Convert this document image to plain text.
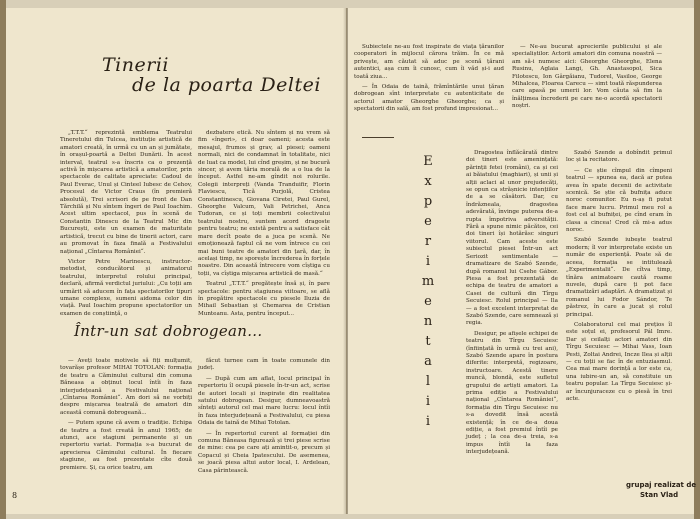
Tinerii
de la poarta Deltei

„T.T.T.“ reprezintă emblema Teatrului Tineretului din Tulcea, instituție artistică de amatori creată, în urmă cu un an și jumătate, în orașul-poartă a Deltei Dunării. În acest interval, teatrul s-a înscris ca o prezență activă în mișcarea artistică a amatorilor, prin spectacole de calitate apreciate: Cadoul de Paul Everac, Unul și Cinteel Iubesc de Cehov, Procesul de Victor Craus (în premieră absolută), Trei scrisori de pe front de Dan Tărchilă și Nu sîntem îngeri de Paul Ioachim. Acest ultim spectacol, pus în scenă de Constantin Dinescu de la Teatrul Mic din București, este un examen de maturitate artistică, trecut cu bine de tinerii actori, care au promovat în faza finală a Festivalului național „Cîntarea României“.

Victor Petre Marinescu, instructor-metodist, conducătorul și animatorul teatrului, interpretul rolului principal, declară, afirmă verdictul juriului: „Cu toții am urmărit să aducem în fața spectatorilor tipuri umane complexe, sumeni aidoma celor din viață. Paul Ioachim propune spectatorilor un examen de conștiință, o

dezbatere etică. Nu sîntem și nu vrem să fim «îngeri», ci doar oameni; acesta este mesajul, frumos și grav, al piesei; oameni normali, nici de condamnat în totalitate, nici de luat ca model, lui cînd greșim, și ne bucură sincer, și avem tăria morală de a o lua de la început. Astfel ne-am gîndit noi rolurile. Colegii interpreți (Vanda Tranduifir, Florin Flaviescu, Tică Purjolă, Cristea Constantinescu, Giovana Ciretei, Paul Gurel, Gheorghe Valcum, Vali Petrichei, Anca Tudoran, ce și toți membrii colectivului teatrului nostru, suntem acord dragoste pentru teatru; ne există pentru a satisface cât mare decît poate de a juca pe scenă. Ne emoționează faptul că ne vom întrece cu cei mai buni teatre de amatori din țară, dar, în același timp, ne sporește încrederea în forțele noastre. Din această întrecere vom cîștiga cu toții, va cîștiga mișcarea artistică de masă.“

Teatrul „T.T.T.“ pregătește însă și, în pare spectacole: pentru stagiunea viitoare, se află în pregătire spectacole cu piesele Iluzia de Mihail Sebastian și Chemarea de Cristian Munteanu. Asta, pentru început...

Într-un sat dobrogean...

— Aveți toate motivele să fiți mulțumit, tovarășe profesor MIHAI TOTOLAN: formația de teatru a Căminului cultural din comuna Băneasa a obținut locul întîi în faza interjudețeană a Festivalului național „Cîntarea României“. Am dori să ne vorbiți despre mișcarea teatrală de amatori din această comună dobrogeană...

— Putem spune că avem o tradiție. Echipa de teatru a fost creată în anul 1965; de atunci, ace stagiuni permanente și un repertoriu variat. Formația s-a bucurat de aprecierea Căminului cultural. În fiecare stagiune, au fost prezentate cîte două premiere. Și, ca orice teatru, am

făcut turnee cam în toate comunele din județ.

— După cum am aflat, locul principal în repertoriu îl ocupă piesele în-tr-un act, scrise de autori locali și inspirate din realitatea satului dobrogean. Desigur, dumneavoastră sînteți autorul cel mai mare lucru: locul întîi în faza interjudețeană a Festivalului, cu piesa Odaia de taină de Mihai Totolan.

— În repertoriul curent al formației din comuna Băneasa figurează și trei piese scrise de mine: cea pe care ați amintit-o, precum și Copacul și Cheia Ipatescului. De asemenea, se joacă piesa altui autor local, I. Ardelean, Casa părintească.

8

Subiectele ne-au fost inspirate de viața țăranilor cooperatori în mijlocul cărora trăim. În ce mă privește, am căutat să aduc pe scenă țărani autentici, așa cum îi cunosc, cum îi văd și-i aud toată ziua...

— În Odaia de taină, frămîntările unui țăran dobrogean sînt interpretate cu autenticitate de actorul amator Gheorghe Gheorghe; ca și spectatorii din sală, am fost profund impresionat...

— Ne-au bucurat aprecierile publicului și ale specialiștilor. Actorii amatori din comuna noastră — am să-i numesc aici: Gheorghe Gheorghe, Elena Rusinu, Aglaia Langi, Gh. Anastasopol, Sica Filotescu, Ion Gârgăianu, Tudorel, Vasiloe, George Mihalcea, Floarea Carecu — simt toată răspunderea care apasă pe umerii lor. Vom căuta să fim la înălțimea încrederii pe care ne-o acordă spectatorii noștri.

E
x
p
e
r
i
m
e
n
t
a
l
i
i

Dragostea înflăcărată dintre doi tineri este amenințată: părinții fetei (români), ca și cei ai băiatului (maghiari), și unii și alții aclaci al unor prejudecăți, se opun ca strășnicie intențiilor de a se căsători. Dar, cu îndrăzneala, dragostea adevărată, învinge puterea de-a rupta împotriva adversității. Fără a spune nimic păcătos, cei doi tineri își hotărăsc singuri viitorul. Cam aceste este subiectul piesei Într-un act Seriozit sentimentale — dramatizare de Szabó Szende, după romanul lui Csehe Gábor. Piesa a fost prezentată de echipa de teatru de amatori a Casei de cultură din Tîrgu Secuiesc. Rolul principal — Ila — a fost excelent interpretat de Szabó Szende, care semnează și regia.

Desigur, pe afișele echipei de teatru din Tîrgu Secuiesc (înființată în urmă cu trei ani), Szabó Szende apare în postura diferite: interpretă, regizoare, instructoare. Acestă tinere muncă, blondă, este sufletul grupului de artiști amatori. La prima ediție a Festivalului național „Cîntarea României“, formația din Tîrgu Secuiesc nu s-a dovedit însă acestă existență; în ce de-a doua ediție, a fost premiul întîi pe județ ; la cea de-a treia, s-a impus întîi la faza interjudețeană.

Szabó Szende a dobîndit primul loc și la recitatore.

— Ce știe cîmpul din cîmpeni teatrul — spunea ea, dacă ar putea avea în spate decenii de activitate scenică. Se știe că bufnița aduce noroc comunitor. Eu n-aș fi putut face mare lucru. Primul meu rol a fost cel al bufniței, pe cînd eram în clasa a cincea! Cred că mi-a adus noroc.

Szabó Szende iubește teatrul modern; îl vor interpretate existe un număr de experiență. Poate să de aceea, formația se intitulează „Experimentalii“. De cîtva timp, tînăra animatoare caută roame nuvele, după care ți pot face dramatizări adaptări. A dramatizat și romanul lui Fodor Sándor, Te păstrez, în care a jucat și rolul principal.

Colaboratorul cel mai prețios îl este soțul ei, profesorul Pál Imre. Dar și ceilalți actori amatori din Tîrgu Secuiesc — Mihai Vass, Ioan Pesti, Zoltai Andrei, Incze Ilea și alții — cu toții se fac în de entuziasmul. Cea mai mare dorință a lor este ca, una iubire-un an, să constituie un teatru popular. La Tîrgu Secuiesc și-ar încunjuraceze cu o piesă în trei acte.

grupaj realizat de
Stan Vlad
